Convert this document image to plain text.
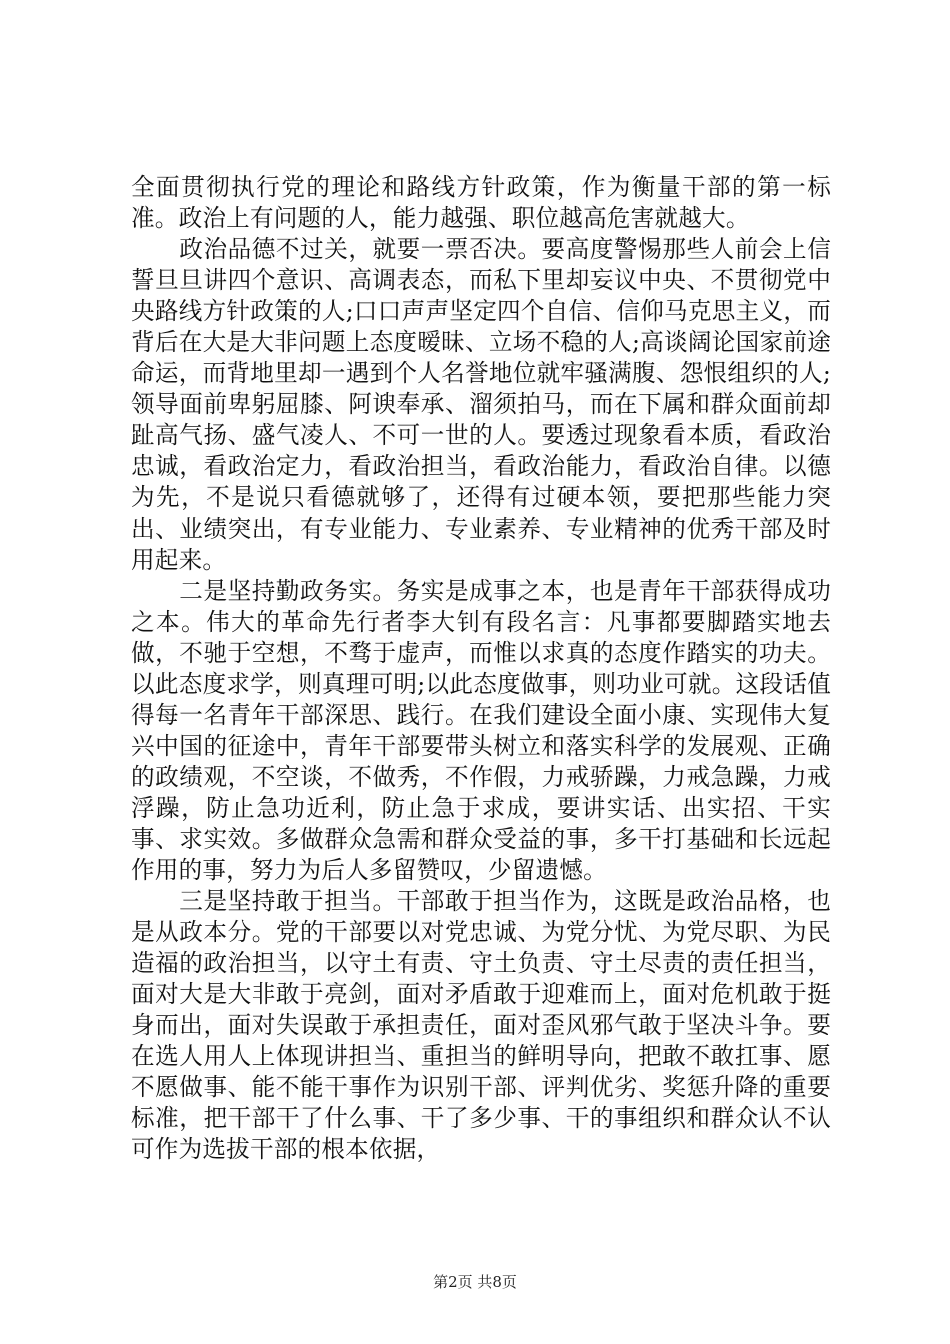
全面贯彻执行党的理论和路线方针政策，作为衡量干部的第一标准。政治上有问题的人，能力越强、职位越高危害就越大。

　　政治品德不过关，就要一票否决。要高度警惕那些人前会上信誓旦旦讲四个意识、高调表态，而私下里却妄议中央、不贯彻党中央路线方针政策的人;口口声声坚定四个自信、信仰马克思主义，而背后在大是大非问题上态度暧昧、立场不稳的人;高谈阔论国家前途命运，而背地里却一遇到个人名誉地位就牢骚满腹、怨恨组织的人;领导面前卑躬屈膝、阿谀奉承、溜须拍马，而在下属和群众面前却趾高气扬、盛气凌人、不可一世的人。要透过现象看本质，看政治忠诚，看政治定力，看政治担当，看政治能力，看政治自律。以德为先，不是说只看德就够了，还得有过硬本领，要把那些能力突出、业绩突出，有专业能力、专业素养、专业精神的优秀干部及时用起来。

　　二是坚持勤政务实。务实是成事之本，也是青年干部获得成功之本。伟大的革命先行者李大钊有段名言：凡事都要脚踏实地去做，不驰于空想，不骛于虚声，而惟以求真的态度作踏实的功夫。以此态度求学，则真理可明;以此态度做事，则功业可就。这段话值得每一名青年干部深思、践行。在我们建设全面小康、实现伟大复兴中国的征途中，青年干部要带头树立和落实科学的发展观、正确的政绩观，不空谈，不做秀，不作假，力戒骄躁，力戒急躁，力戒浮躁，防止急功近利，防止急于求成，要讲实话、出实招、干实事、求实效。多做群众急需和群众受益的事，多干打基础和长远起作用的事，努力为后人多留赞叹，少留遗憾。

　　三是坚持敢于担当。干部敢于担当作为，这既是政治品格，也是从政本分。党的干部要以对党忠诚、为党分忧、为党尽职、为民造福的政治担当，以守土有责、守土负责、守土尽责的责任担当，面对大是大非敢于亮剑，面对矛盾敢于迎难而上，面对危机敢于挺身而出，面对失误敢于承担责任，面对歪风邪气敢于坚决斗争。要在选人用人上体现讲担当、重担当的鲜明导向，把敢不敢扛事、愿不愿做事、能不能干事作为识别干部、评判优劣、奖惩升降的重要标准，把干部干了什么事、干了多少事、干的事组织和群众认不认可作为选拔干部的根本依据，

第2页 共8页
